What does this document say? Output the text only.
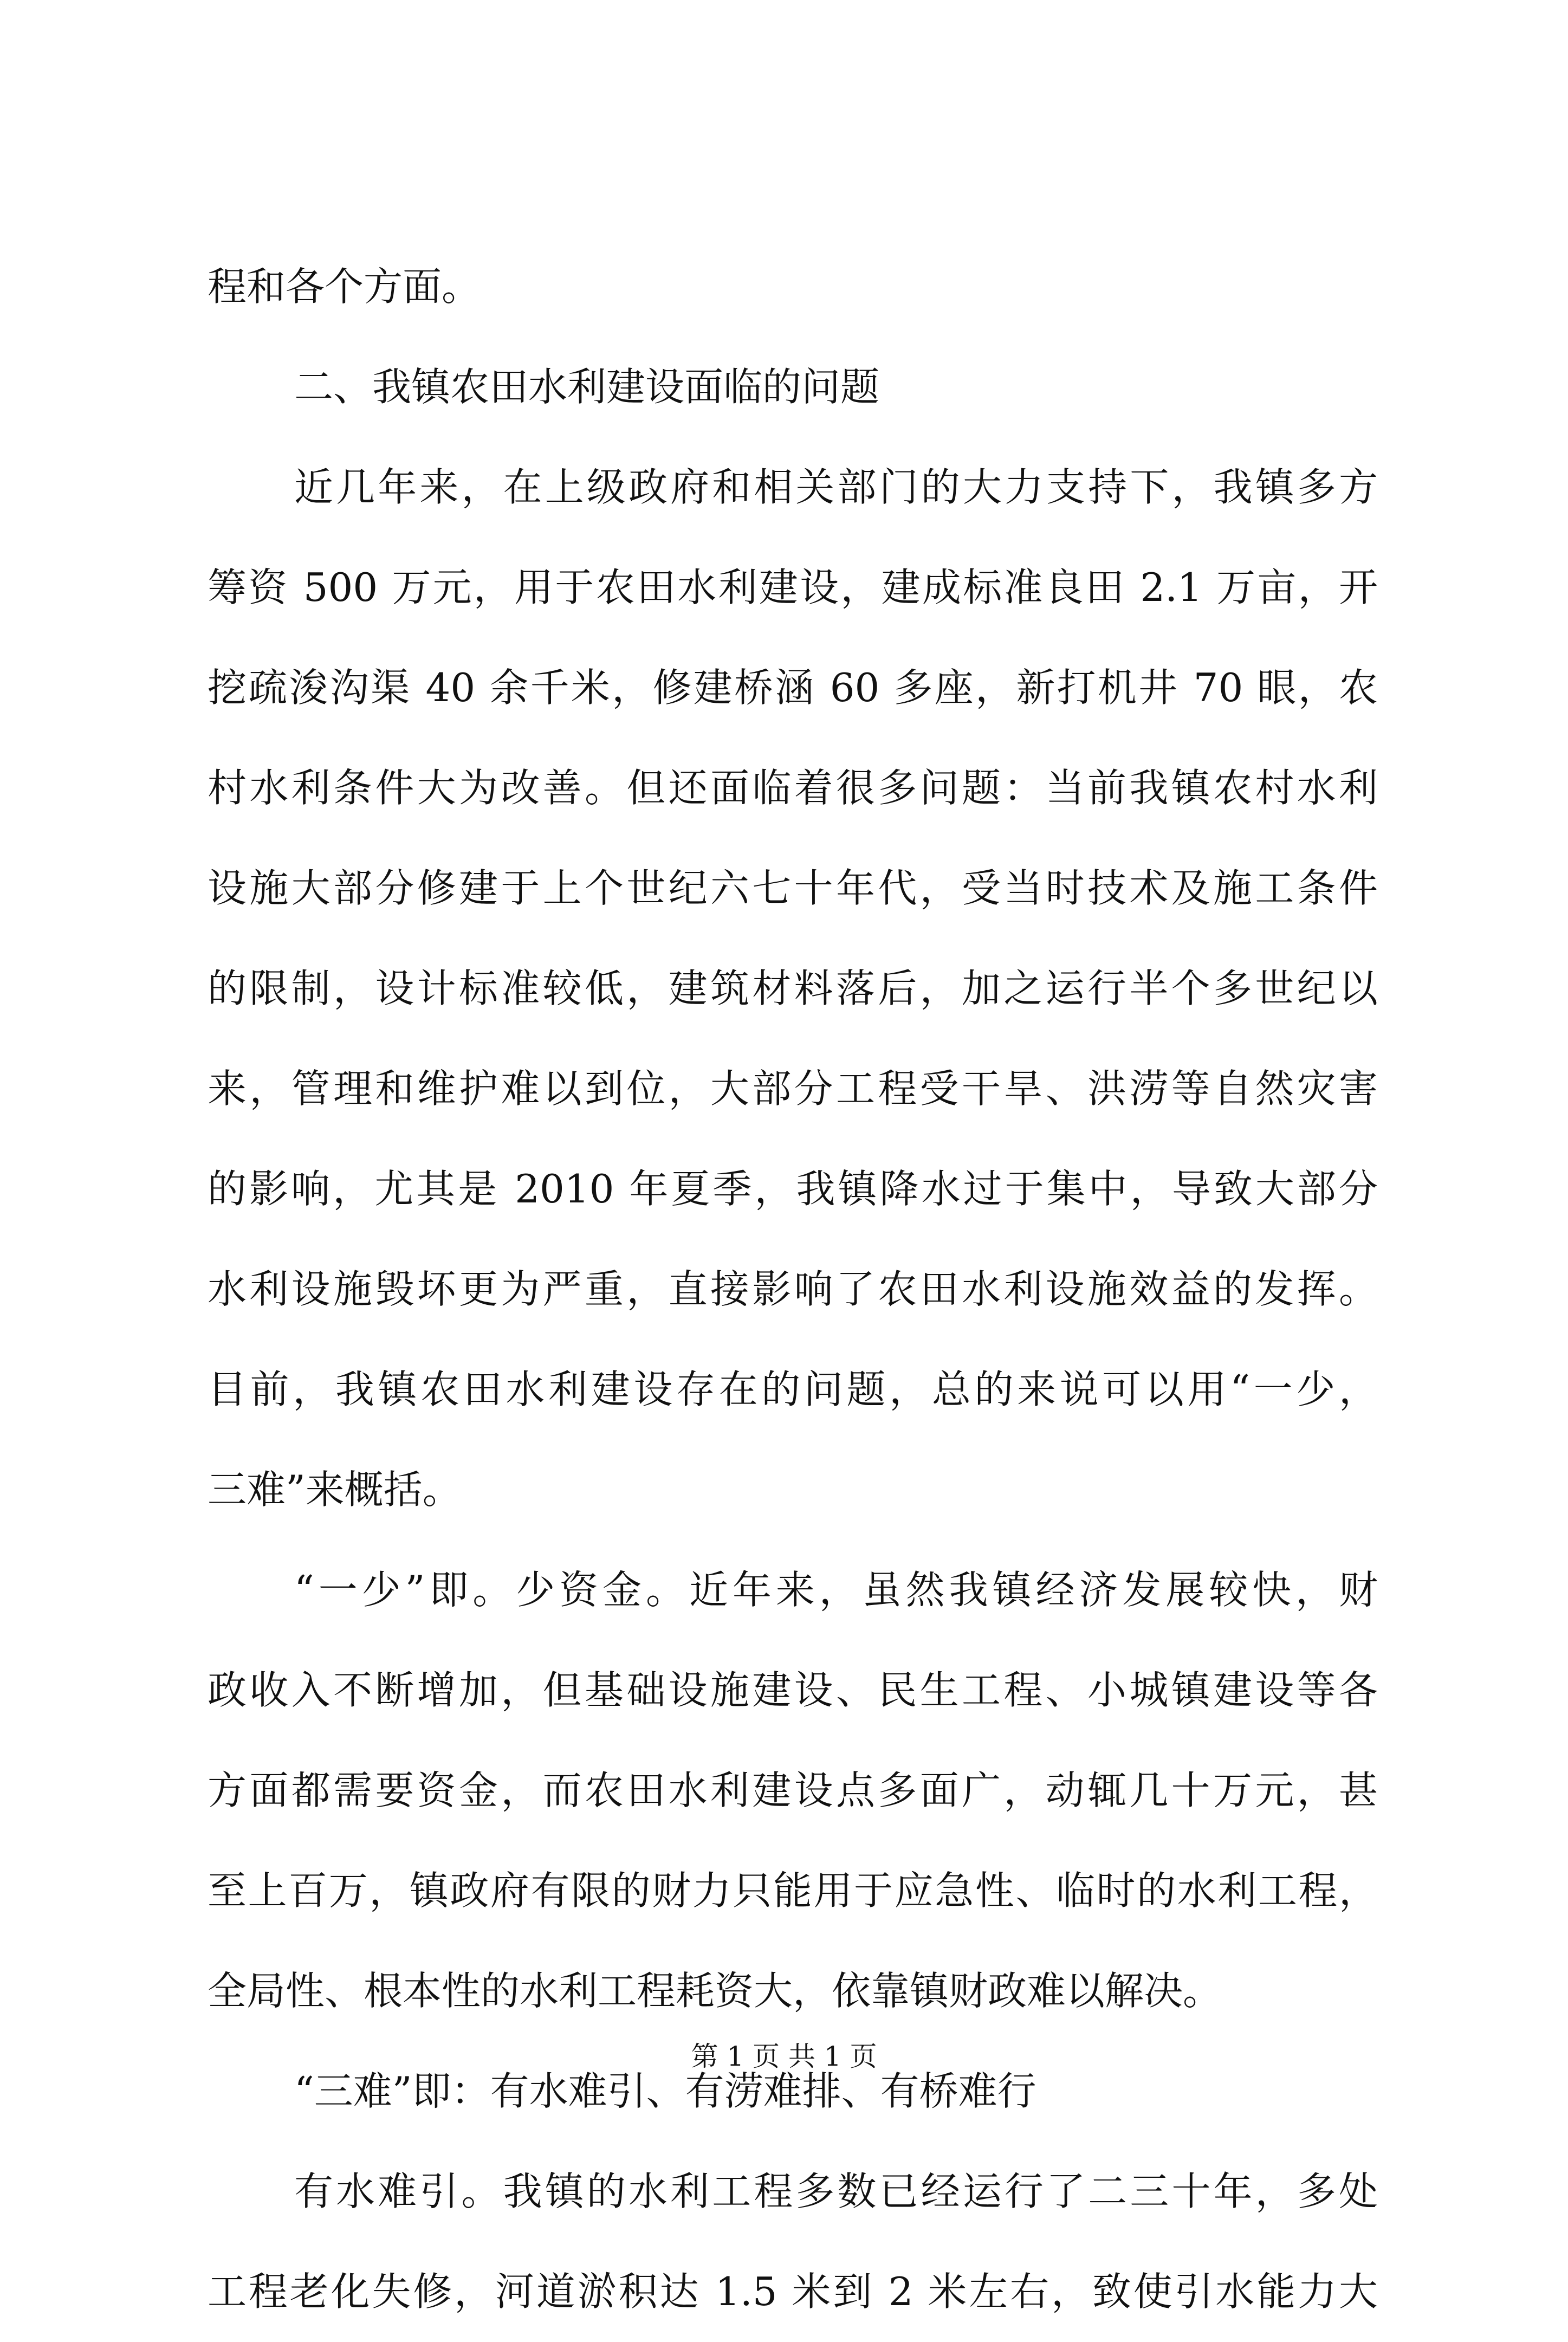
程和各个方面。
二、我镇农田水利建设面临的问题
近几年来，在上级政府和相关部门的大力支持下，我镇多方
筹资 500 万元，用于农田水利建设，建成标准良田 2.1 万亩，开
挖疏浚沟渠 40 余千米，修建桥涵 60 多座，新打机井 70 眼，农
村水利条件大为改善。但还面临着很多问题：当前我镇农村水利
设施大部分修建于上个世纪六七十年代，受当时技术及施工条件
的限制，设计标准较低，建筑材料落后，加之运行半个多世纪以
来，管理和维护难以到位，大部分工程受干旱、洪涝等自然灾害
的影响，尤其是 2010 年夏季，我镇降水过于集中，导致大部分
水利设施毁坏更为严重，直接影响了农田水利设施效益的发挥。
目前，我镇农田水利建设存在的问题，总的来说可以用“一少，
三难”来概括。
“一少”即。少资金。近年来，虽然我镇经济发展较快，财
政收入不断增加，但基础设施建设、民生工程、小城镇建设等各
方面都需要资金，而农田水利建设点多面广，动辄几十万元，甚
至上百万，镇政府有限的财力只能用于应急性、临时的水利工程，
全局性、根本性的水利工程耗资大，依靠镇财政难以解决。
“三难”即：有水难引、有涝难排、有桥难行
有水难引。我镇的水利工程多数已经运行了二三十年，多处
工程老化失修，河道淤积达 1.5 米到 2 米左右，致使引水能力大
第 1 页 共 1 页
